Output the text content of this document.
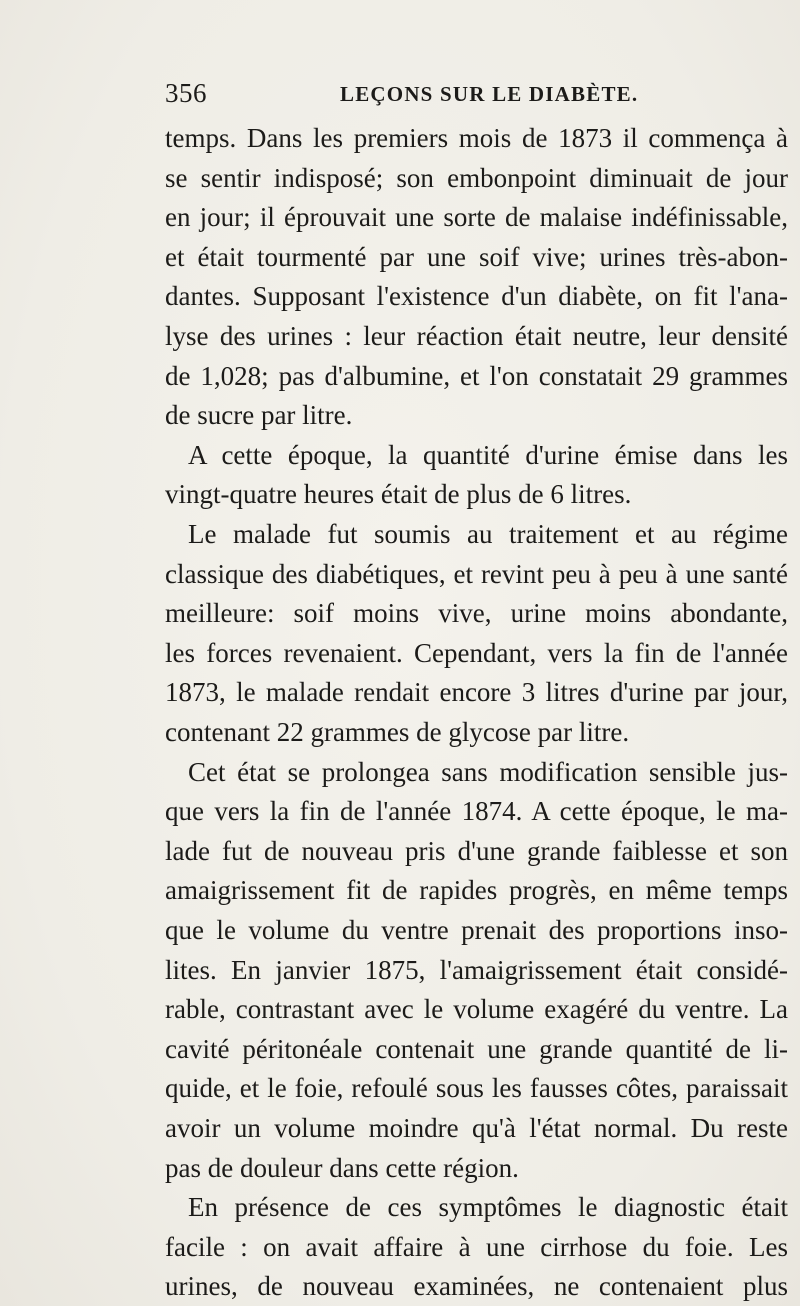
356	LEÇONS SUR LE DIABÈTE.
temps. Dans les premiers mois de 1873 il commença à
se sentir indisposé; son embonpoint diminuait de jour
en jour; il éprouvait une sorte de malaise indéfinissable,
et était tourmenté par une soif vive; urines très-abon-
dantes. Supposant l'existence d'un diabète, on fit l'ana-
lyse des urines : leur réaction était neutre, leur densité
de 1,028; pas d'albumine, et l'on constatait 29 grammes
de sucre par litre.
A cette époque, la quantité d'urine émise dans les
vingt-quatre heures était de plus de 6 litres.
Le malade fut soumis au traitement et au régime
classique des diabétiques, et revint peu à peu à une santé
meilleure: soif moins vive, urine moins abondante,
les forces revenaient. Cependant, vers la fin de l'année
1873, le malade rendait encore 3 litres d'urine par jour,
contenant 22 grammes de glycose par litre.
Cet état se prolongea sans modification sensible jus-
que vers la fin de l'année 1874. A cette époque, le ma-
lade fut de nouveau pris d'une grande faiblesse et son
amaigrissement fit de rapides progrès, en même temps
que le volume du ventre prenait des proportions inso-
lites. En janvier 1875, l'amaigrissement était considé-
rable, contrastant avec le volume exagéré du ventre. La
cavité péritonéale contenait une grande quantité de li-
quide, et le foie, refoulé sous les fausses côtes, paraissait
avoir un volume moindre qu'à l'état normal. Du reste
pas de douleur dans cette région.
En présence de ces symptômes le diagnostic était
facile : on avait affaire à une cirrhose du foie. Les
urines, de nouveau examinées, ne contenaient plus
